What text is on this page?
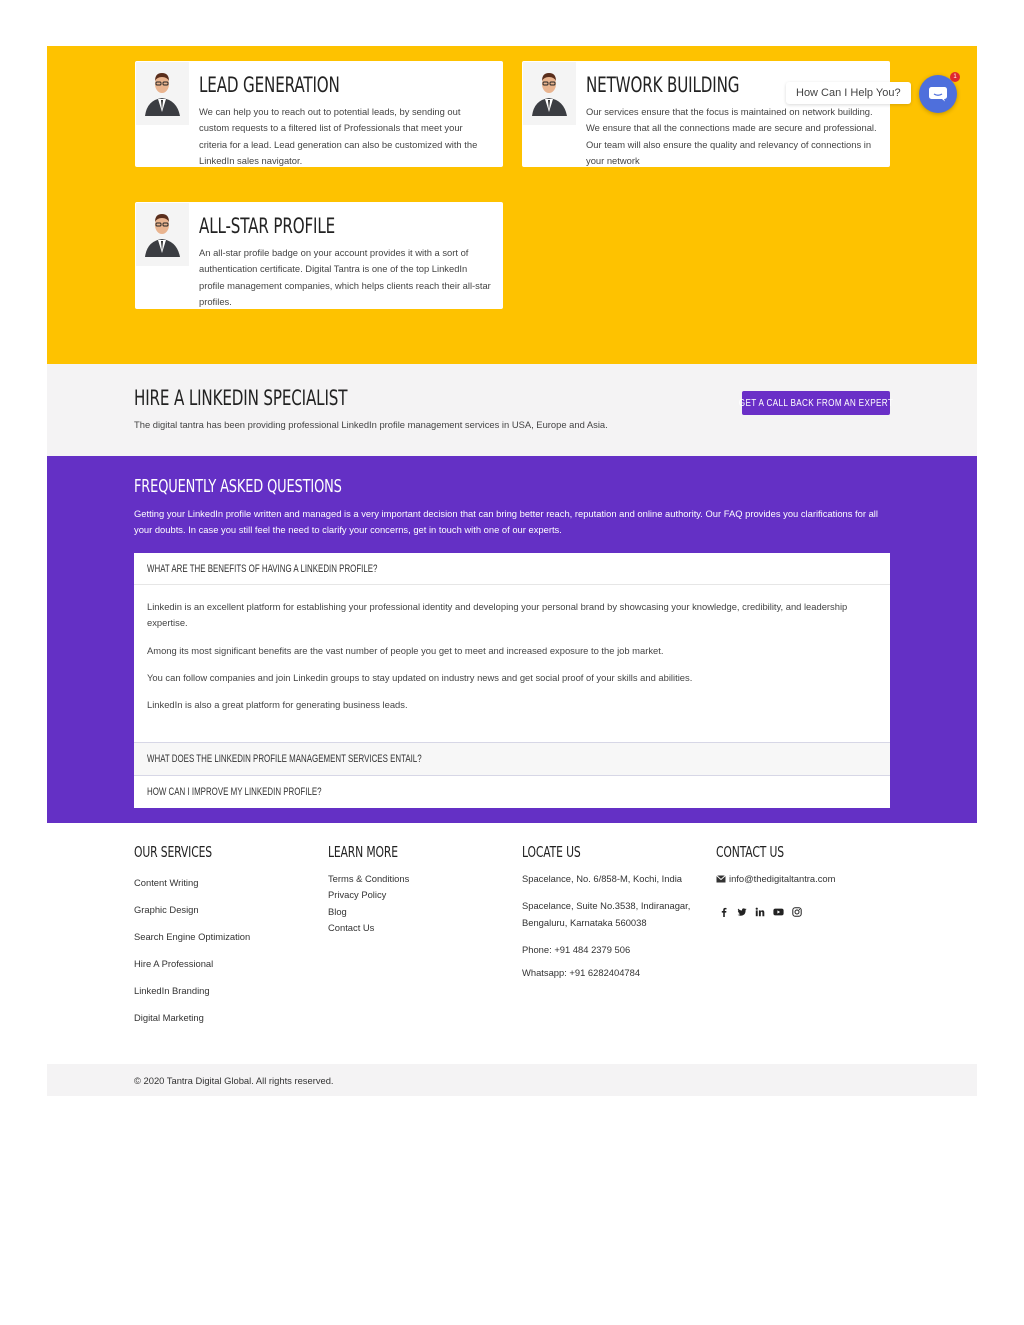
LEAD GENERATION
We can help you to reach out to potential leads, by sending out custom requests to a filtered list of Professionals that meet your criteria for a lead. Lead generation can also be customized with the LinkedIn sales navigator.
NETWORK BUILDING
Our services ensure that the focus is maintained on network building. We ensure that all the connections made are secure and professional. Our team will also ensure the quality and relevancy of connections in your network
ALL-STAR PROFILE
An all-star profile badge on your account provides it with a sort of authentication certificate. Digital Tantra is one of the top LinkedIn profile management companies, which helps clients reach their all-star profiles.
HIRE A LINKEDIN SPECIALIST
The digital tantra has been providing professional LinkedIn profile management services in USA, Europe and Asia.
GET A CALL BACK FROM AN EXPERT
FREQUENTLY ASKED QUESTIONS
Getting your LinkedIn profile written and managed is a very important decision that can bring better reach, reputation and online authority. Our FAQ provides you clarifications for all your doubts. In case you still feel the need to clarify your concerns, get in touch with one of our experts.
WHAT ARE THE BENEFITS OF HAVING A LINKEDIN PROFILE?

Linkedin is an excellent platform for establishing your professional identity and developing your personal brand by showcasing your knowledge, credibility, and leadership expertise.

Among its most significant benefits are the vast number of people you get to meet and increased exposure to the job market.

You can follow companies and join Linkedin groups to stay updated on industry news and get social proof of your skills and abilities.

LinkedIn is also a great platform for generating business leads.

WHAT DOES THE LINKEDIN PROFILE MANAGEMENT SERVICES ENTAIL?
HOW CAN I IMPROVE MY LINKEDIN PROFILE?
OUR SERVICES
Content Writing
Graphic Design
Search Engine Optimization
Hire A Professional
LinkedIn Branding
Digital Marketing
LEARN MORE
Terms & Conditions
Privacy Policy
Blog
Contact Us
LOCATE US
Spacelance, No. 6/858-M, Kochi, India
Spacelance, Suite No.3538, Indiranagar, Bengaluru, Karnataka 560038
Phone: +91 484 2379 506
Whatsapp: +91 6282404784
CONTACT US
info@thedigitaltantra.com
© 2020 Tantra Digital Global. All rights reserved.
How Can I Help You?
1
